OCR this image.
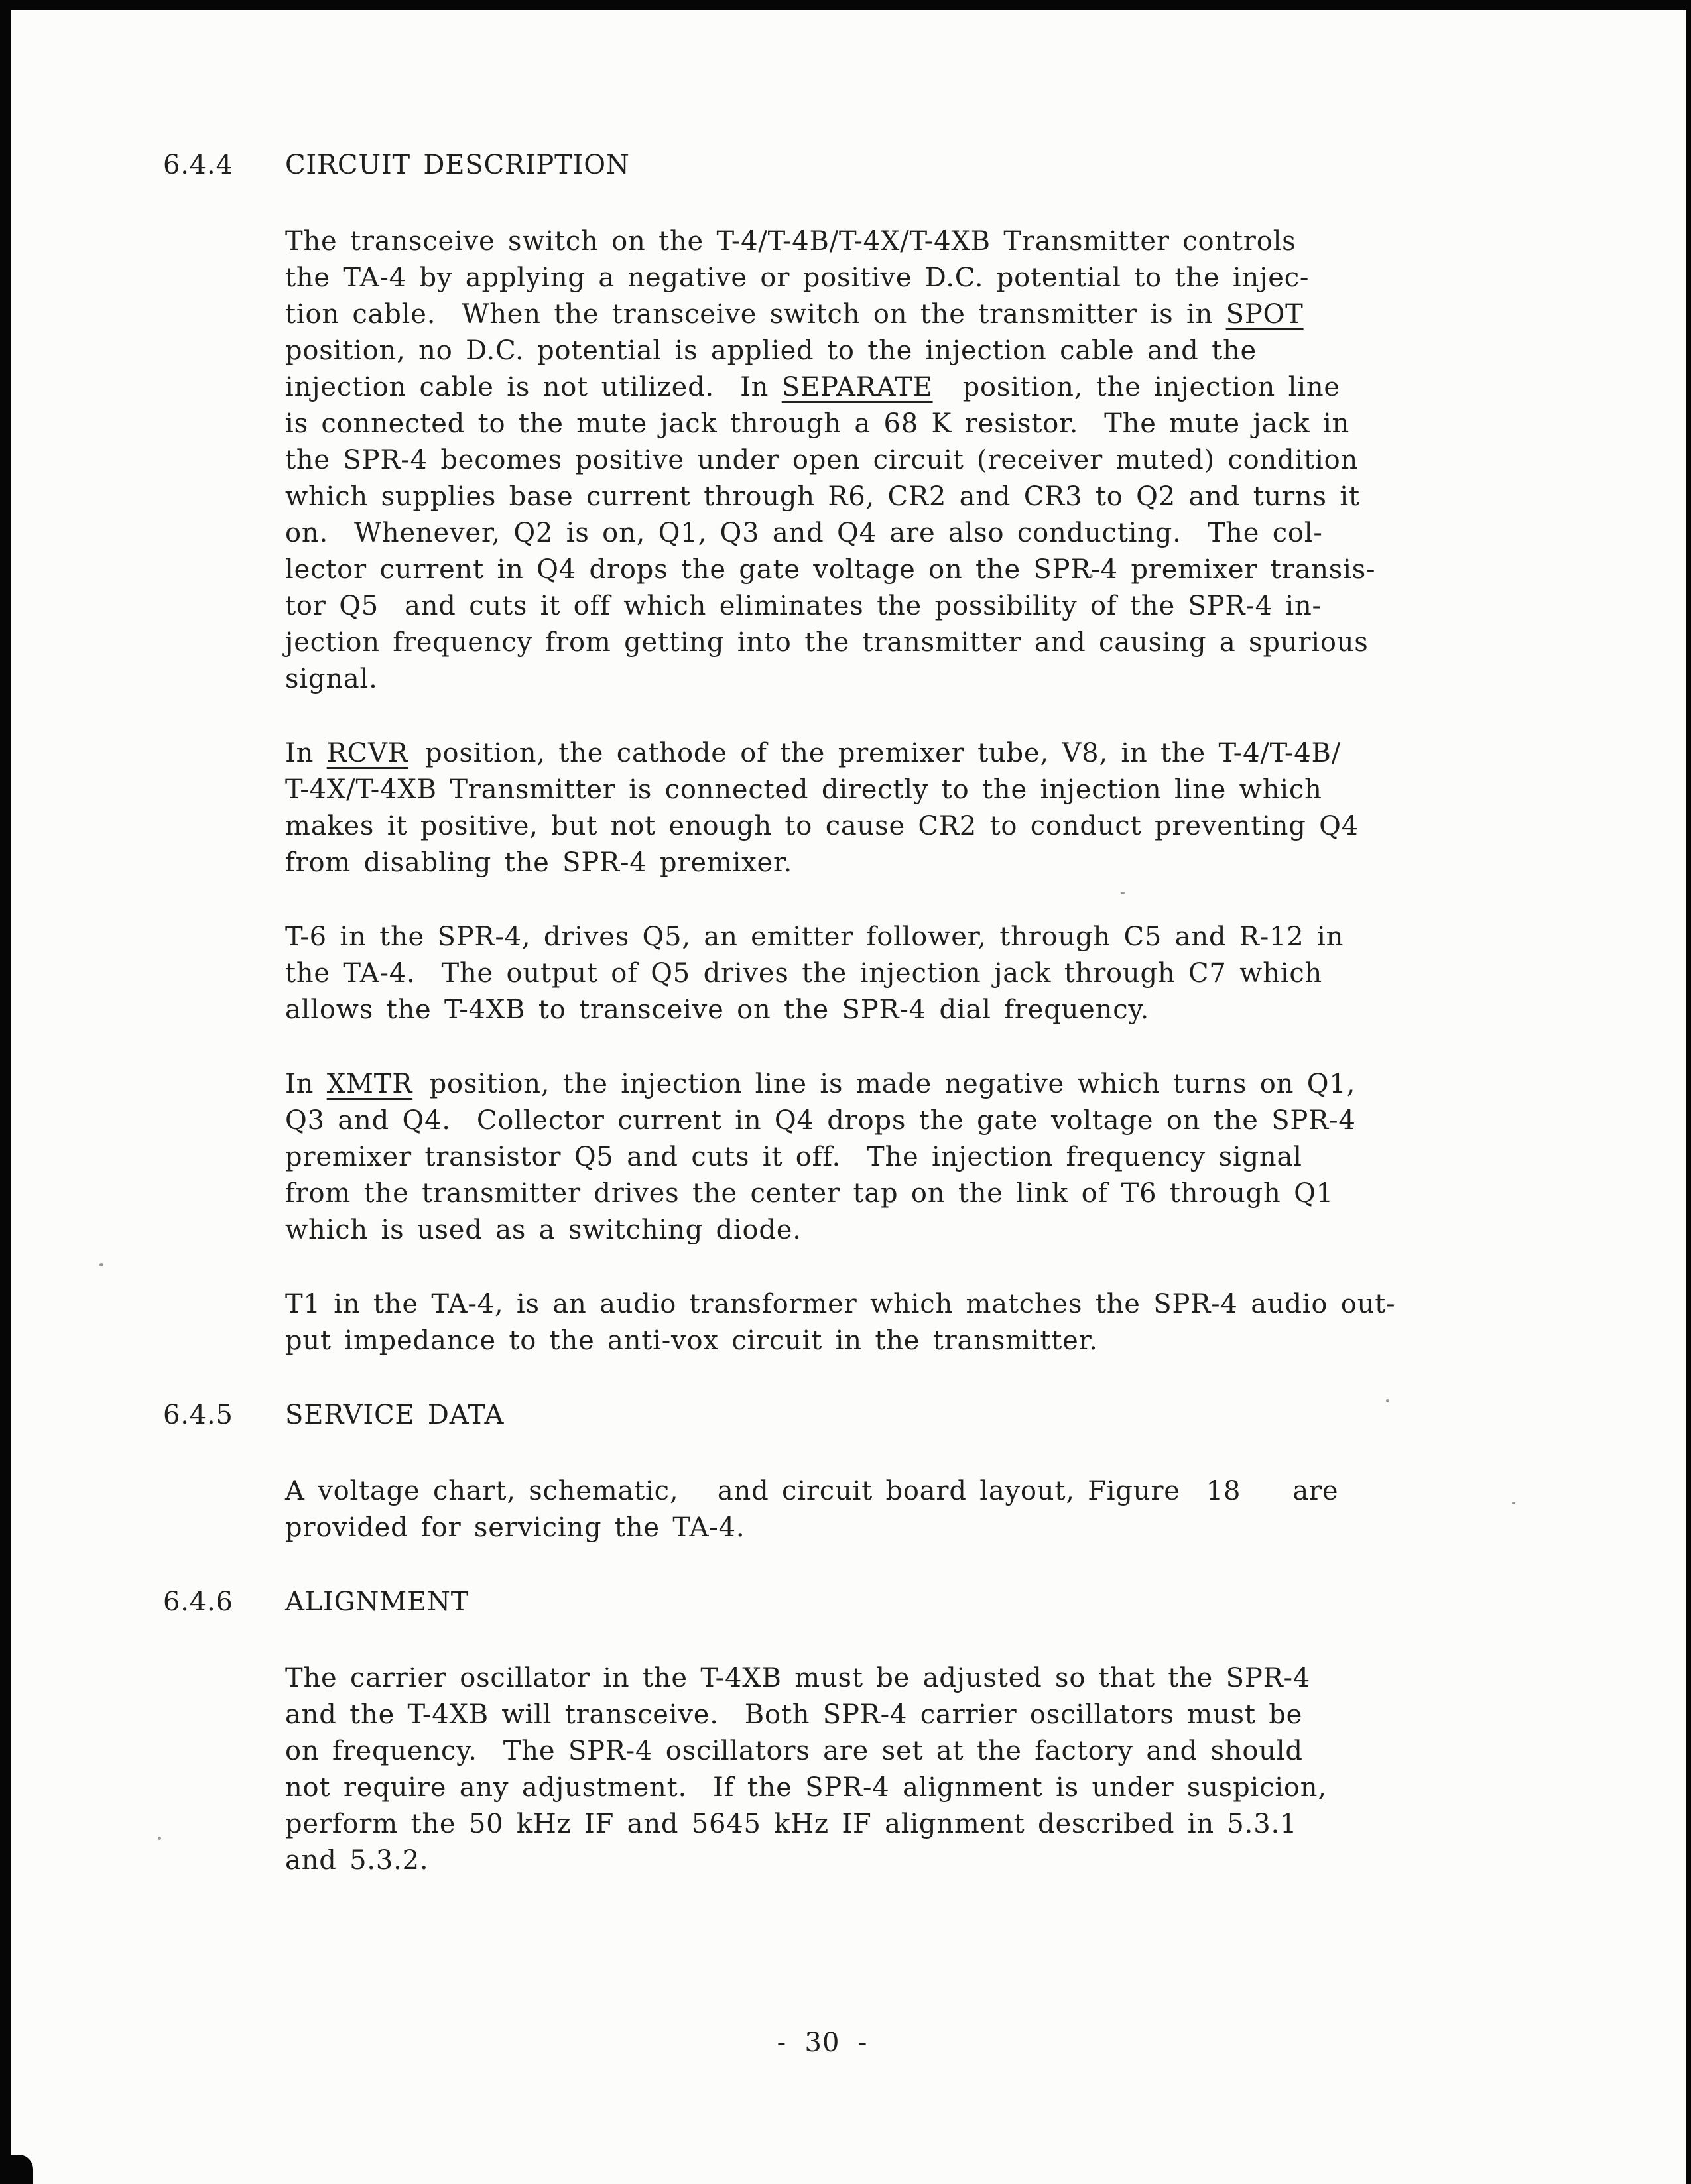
6.4.4	CIRCUIT DESCRIPTION
The transceive switch on the T-4/T-4B/T-4X/T-4XB Transmitter controls
the TA-4 by applying a negative or positive D.C. potential to the injec-
tion cable.  When the transceive switch on the transmitter is in SPOT
position, no D.C. potential is applied to the injection cable and the
injection cable is not utilized.  In SEPARATE  position, the injection line
is connected to the mute jack through a 68 K resistor.  The mute jack in
the SPR-4 becomes positive under open circuit (receiver muted) condition
which supplies base current through R6, CR2 and CR3 to Q2 and turns it
on.  Whenever, Q2 is on, Q1, Q3 and Q4 are also conducting.  The col-
lector current in Q4 drops the gate voltage on the SPR-4 premixer transis-
tor Q5  and cuts it off which eliminates the possibility of the SPR-4 in-
jection frequency from getting into the transmitter and causing a spurious
signal.
In RCVR position, the cathode of the premixer tube, V8, in the T-4/T-4B/
T-4X/T-4XB Transmitter is connected directly to the injection line which
makes it positive, but not enough to cause CR2 to conduct preventing Q4
from disabling the SPR-4 premixer.
T-6 in the SPR-4, drives Q5, an emitter follower, through C5 and R-12 in
the TA-4.  The output of Q5 drives the injection jack through C7 which
allows the T-4XB to transceive on the SPR-4 dial frequency.
In XMTR position, the injection line is made negative which turns on Q1,
Q3 and Q4.  Collector current in Q4 drops the gate voltage on the SPR-4
premixer transistor Q5 and cuts it off.  The injection frequency signal
from the transmitter drives the center tap on the link of T6 through Q1
which is used as a switching diode.
T1 in the TA-4, is an audio transformer which matches the SPR-4 audio out-
put impedance to the anti-vox circuit in the transmitter.
6.4.5	SERVICE DATA
A voltage chart, schematic,   and circuit board layout, Figure  18    are
provided for servicing the TA-4.
6.4.6	ALIGNMENT
The carrier oscillator in the T-4XB must be adjusted so that the SPR-4
and the T-4XB will transceive.  Both SPR-4 carrier oscillators must be
on frequency.  The SPR-4 oscillators are set at the factory and should
not require any adjustment.  If the SPR-4 alignment is under suspicion,
perform the 50 kHz IF and 5645 kHz IF alignment described in 5.3.1
and 5.3.2.
-  30  -
